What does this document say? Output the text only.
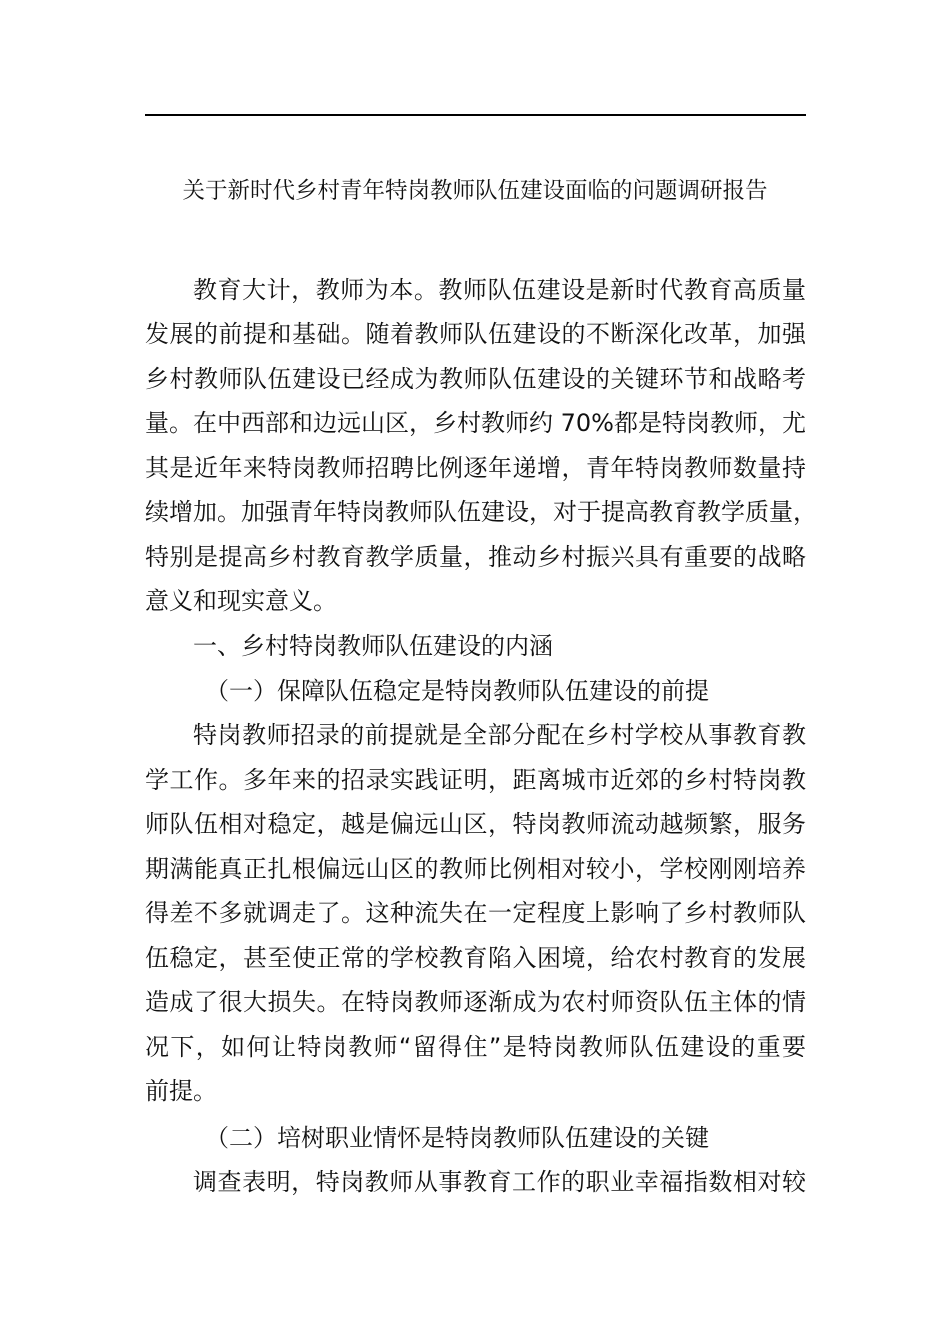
关于新时代乡村青年特岗教师队伍建设面临的问题调研报告
教育大计，教师为本。教师队伍建设是新时代教育高质量
发展的前提和基础。随着教师队伍建设的不断深化改革，加强
乡村教师队伍建设已经成为教师队伍建设的关键环节和战略考
量。在中西部和边远山区，乡村教师约 70%都是特岗教师，尤
其是近年来特岗教师招聘比例逐年递增，青年特岗教师数量持
续增加。加强青年特岗教师队伍建设，对于提高教育教学质量，
特别是提高乡村教育教学质量，推动乡村振兴具有重要的战略
意义和现实意义。
一、乡村特岗教师队伍建设的内涵
（一）保障队伍稳定是特岗教师队伍建设的前提
特岗教师招录的前提就是全部分配在乡村学校从事教育教
学工作。多年来的招录实践证明，距离城市近郊的乡村特岗教
师队伍相对稳定，越是偏远山区，特岗教师流动越频繁，服务
期满能真正扎根偏远山区的教师比例相对较小，学校刚刚培养
得差不多就调走了。这种流失在一定程度上影响了乡村教师队
伍稳定，甚至使正常的学校教育陷入困境，给农村教育的发展
造成了很大损失。在特岗教师逐渐成为农村师资队伍主体的情
况下，如何让特岗教师“留得住”是特岗教师队伍建设的重要
前提。
（二）培树职业情怀是特岗教师队伍建设的关键
调查表明，特岗教师从事教育工作的职业幸福指数相对较
